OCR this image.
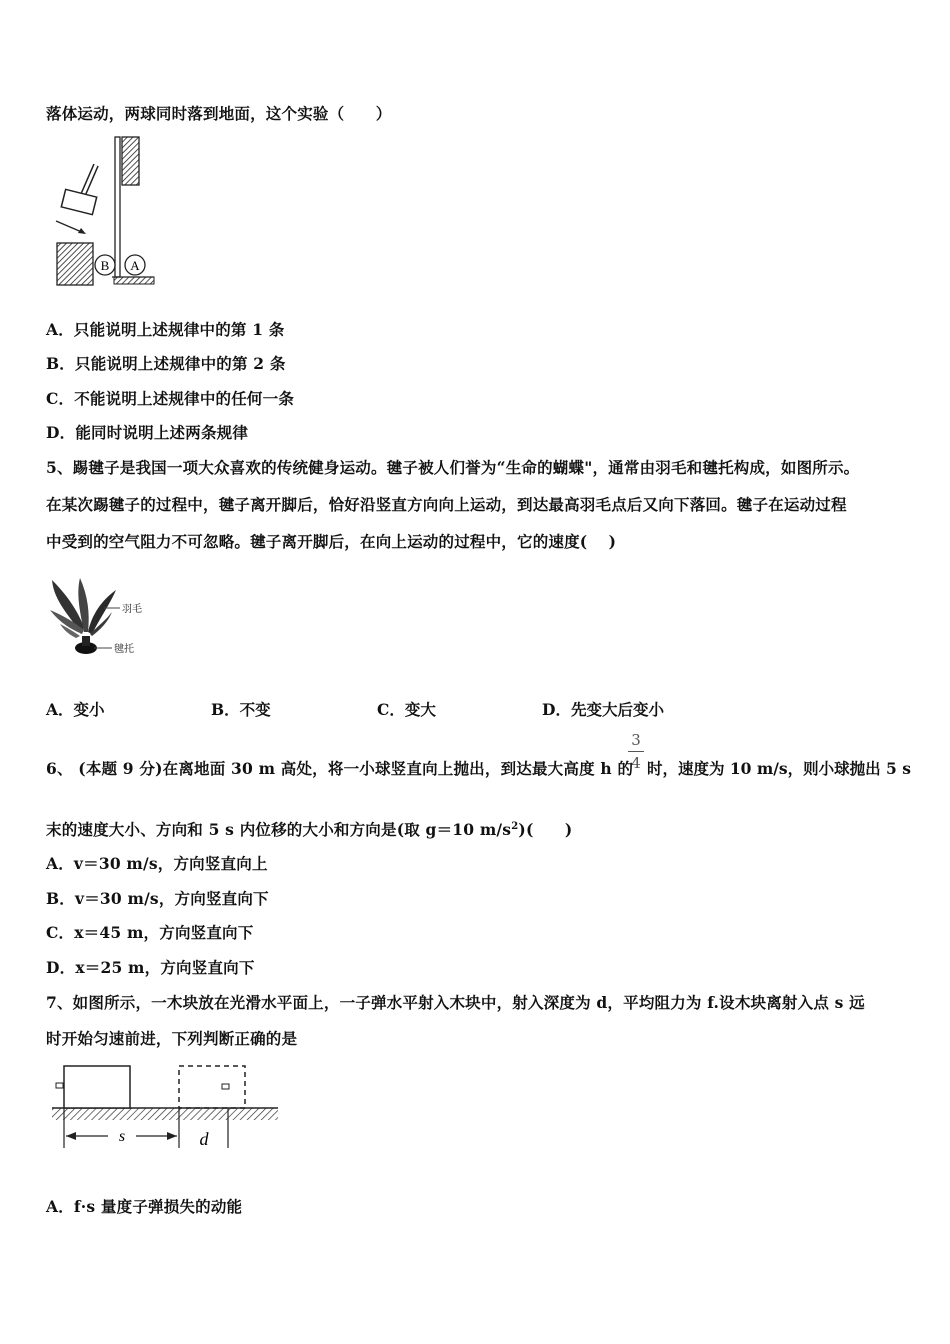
落体运动，两球同时落到地面，这个实验（　　）
B A
A．只能说明上述规律中的第 1 条
B．只能说明上述规律中的第 2 条
C．不能说明上述规律中的任何一条
D．能同时说明上述两条规律
5、踢毽子是我国一项大众喜欢的传统健身运动。毽子被人们誉为“生命的蝴蝶"，通常由羽毛和毽托构成，如图所示。
在某次踢毽子的过程中，毽子离开脚后，恰好沿竖直方向向上运动，到达最高羽毛点后又向下落回。毽子在运动过程
中受到的空气阻力不可忽略。毽子离开脚后，在向上运动的过程中，它的速度(　 )
羽毛
毽托
A．变小	B．不变	C．变大	D．先变大后变小
6、 (本题 9 分)在离地面 30 m 高处，将一小球竖直向上抛出，到达最大高度 h 的
3
4 时，速度为 10 m/s，则小球抛出 5 s
末的速度大小、方向和 5 s 内位移的大小和方向是(取 g＝10 $m/s^2$)(　　)
A．v＝30 m/s，方向竖直向上
B．v＝30 m/s，方向竖直向下
C．x＝45 m，方向竖直向下
D．x＝25 m，方向竖直向下
7、如图所示，一木块放在光滑水平面上，一子弹水平射入木块中，射入深度为 d，平均阻力为 f.设木块离射入点 s 远
时开始匀速前进，下列判断正确的是
s	d
A．f·s 量度子弹损失的动能
